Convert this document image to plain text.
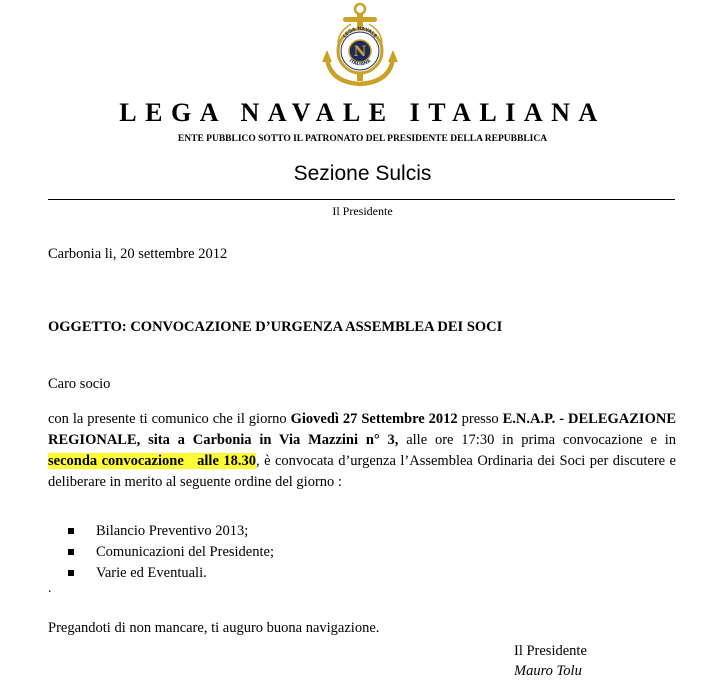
N
LEGA NAVALE
ITALIANA
LEGA NAVALE ITALIANA
ENTE PUBBLICO SOTTO IL PATRONATO DEL PRESIDENTE DELLA REPUBBLICA
Sezione Sulcis
Il Presidente
Carbonia li, 20 settembre 2012
OGGETTO: CONVOCAZIONE D’URGENZA ASSEMBLEA DEI SOCI
Caro socio
con la presente ti comunico che il giorno Giovedì 27 Settembre 2012 presso E.N.A.P. - DELEGAZIONE REGIONALE, sita a Carbonia in Via Mazzini n° 3, alle ore 17:30 in prima convocazione e in seconda convocazione   alle 18.30, è convocata d’urgenza l’Assemblea Ordinaria dei Soci per discutere e deliberare in merito al seguente ordine del giorno :
Bilancio Preventivo 2013;
Comunicazioni del Presidente;
Varie ed Eventuali.
.
Pregandoti di non mancare, ti auguro buona navigazione.
Il Presidente
Mauro Tolu
